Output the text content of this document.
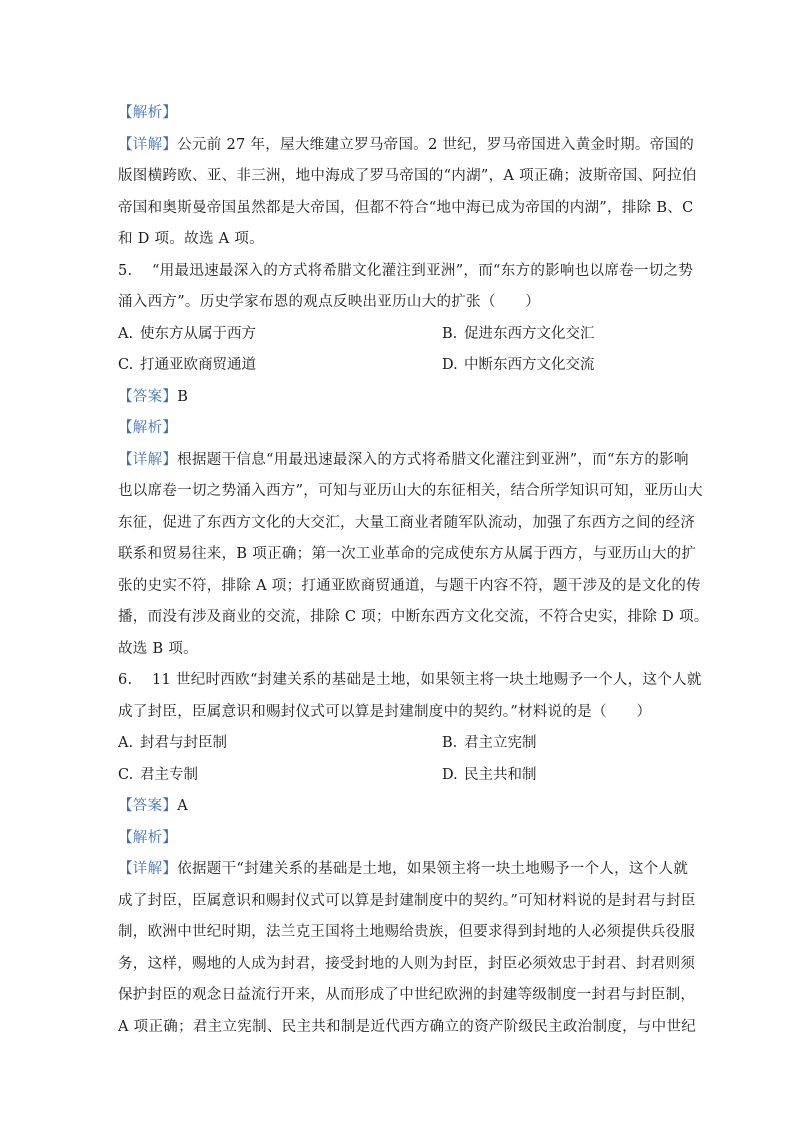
【解析】
【详解】公元前 27 年，屋大维建立罗马帝国。2 世纪，罗马帝国进入黄金时期。帝国的
版图横跨欧、亚、非三洲，地中海成了罗马帝国的“内湖”，A 项正确；波斯帝国、阿拉伯
帝国和奥斯曼帝国虽然都是大帝国，但都不符合“地中海已成为帝国的内湖”，排除 B、C
和 D 项。故选 A 项。
5. “用最迅速最深入的方式将希腊文化灌注到亚洲”，而“东方的影响也以席卷一切之势
涌入西方”。历史学家布恩的观点反映出亚历山大的扩张（　　）
A. 使东方从属于西方	B. 促进东西方文化交汇
C. 打通亚欧商贸通道	D. 中断东西方文化交流
【答案】B
【解析】
【详解】根据题干信息“用最迅速最深入的方式将希腊文化灌注到亚洲”，而“东方的影响
也以席卷一切之势涌入西方”，可知与亚历山大的东征相关，结合所学知识可知，亚历山大
东征，促进了东西方文化的大交汇，大量工商业者随军队流动，加强了东西方之间的经济
联系和贸易往来，B 项正确；第一次工业革命的完成使东方从属于西方，与亚历山大的扩
张的史实不符，排除 A 项；打通亚欧商贸通道，与题干内容不符，题干涉及的是文化的传
播，而没有涉及商业的交流，排除 C 项；中断东西方文化交流，不符合史实，排除 D 项。
故选 B 项。
6. 11 世纪时西欧“封建关系的基础是土地，如果领主将一块土地赐予一个人，这个人就
成了封臣，臣属意识和赐封仪式可以算是封建制度中的契约。”材料说的是（　　）
A. 封君与封臣制	B. 君主立宪制
C. 君主专制	D. 民主共和制
【答案】A
【解析】
【详解】依据题干“封建关系的基础是土地，如果领主将一块土地赐予一个人，这个人就
成了封臣，臣属意识和赐封仪式可以算是封建制度中的契约。”可知材料说的是封君与封臣
制，欧洲中世纪时期，法兰克王国将土地赐给贵族，但要求得到封地的人必须提供兵役服
务，这样，赐地的人成为封君，接受封地的人则为封臣，封臣必须效忠于封君、封君则须
保护封臣的观念日益流行开来，从而形成了中世纪欧洲的封建等级制度一封君与封臣制，
A 项正确；君主立宪制、民主共和制是近代西方确立的资产阶级民主政治制度，与中世纪
